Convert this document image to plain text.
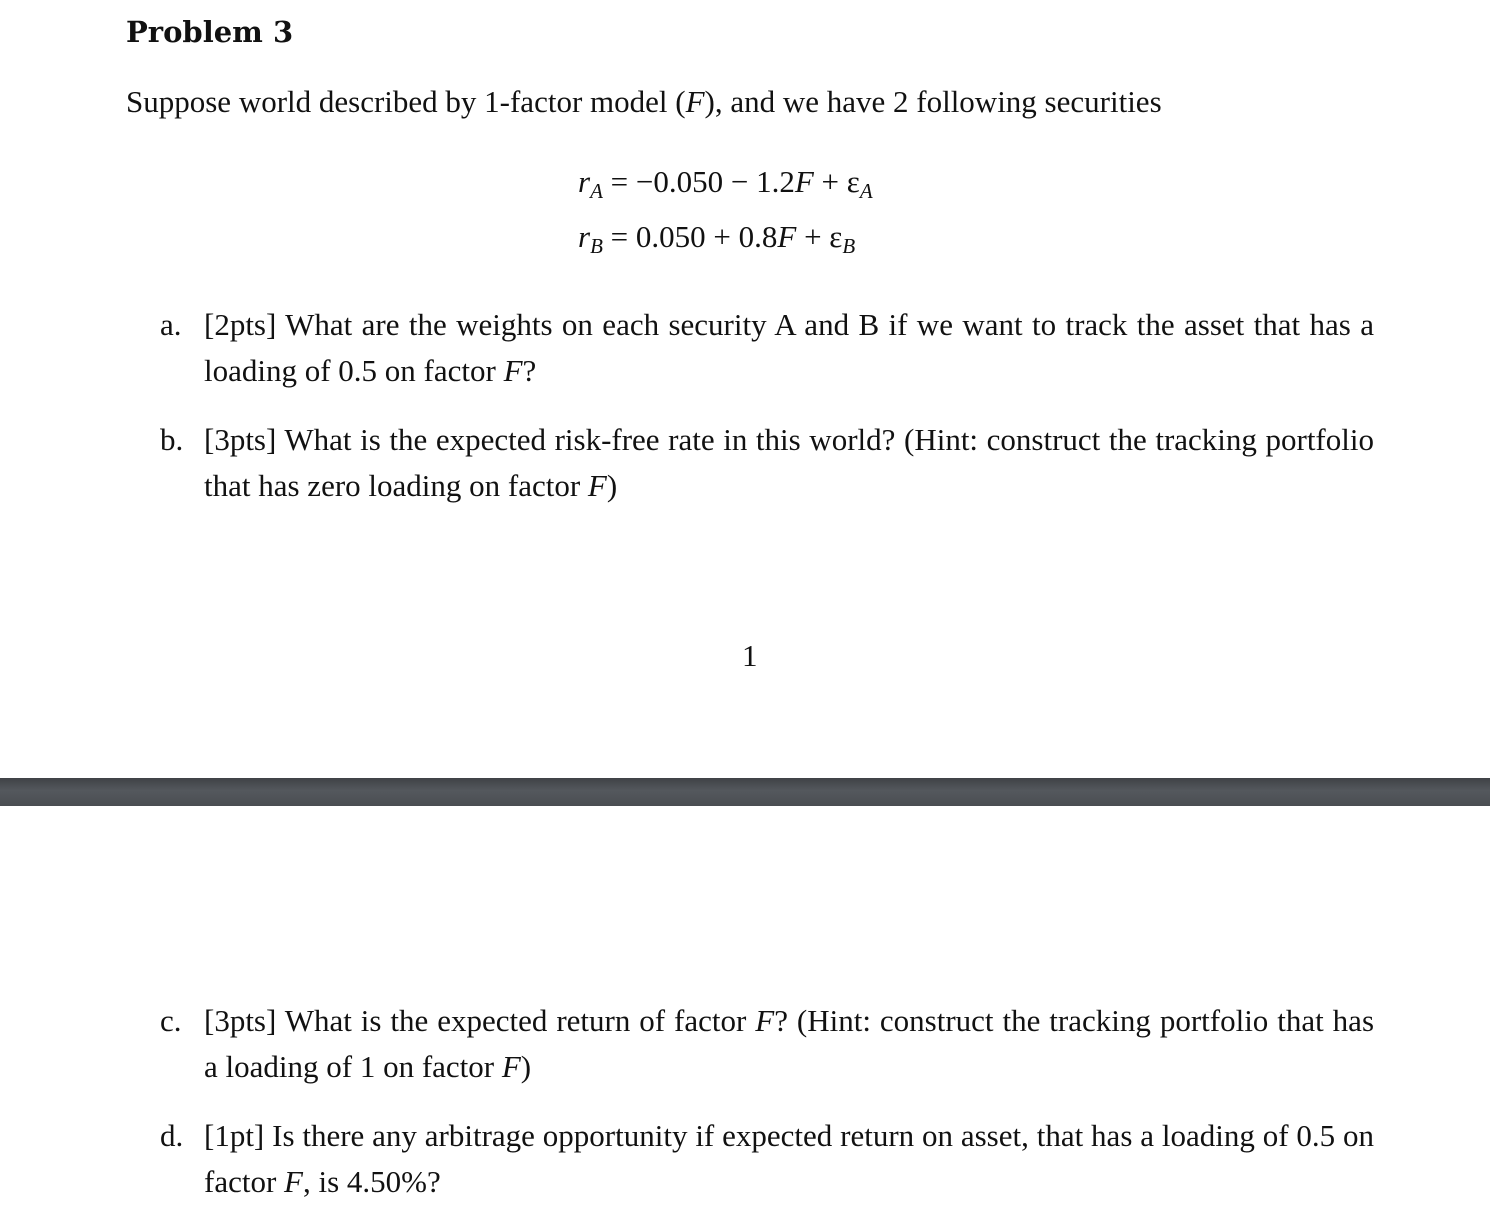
Problem 3
Suppose world described by 1-factor model (F), and we have 2 following securities
$r_A = -0.050 - 1.2F + \varepsilon_A$
$r_B = 0.050 + 0.8F + \varepsilon_B$
a. [2pts] What are the weights on each security A and B if we want to track the asset that has a loading of 0.5 on factor F?
b. [3pts] What is the expected risk-free rate in this world? (Hint: construct the tracking portfolio that has zero loading on factor F)
1
c. [3pts] What is the expected return of factor F? (Hint: construct the tracking portfolio that has a loading of 1 on factor F)
d. [1pt] Is there any arbitrage opportunity if expected return on asset, that has a loading of 0.5 on factor F, is 4.50%?
